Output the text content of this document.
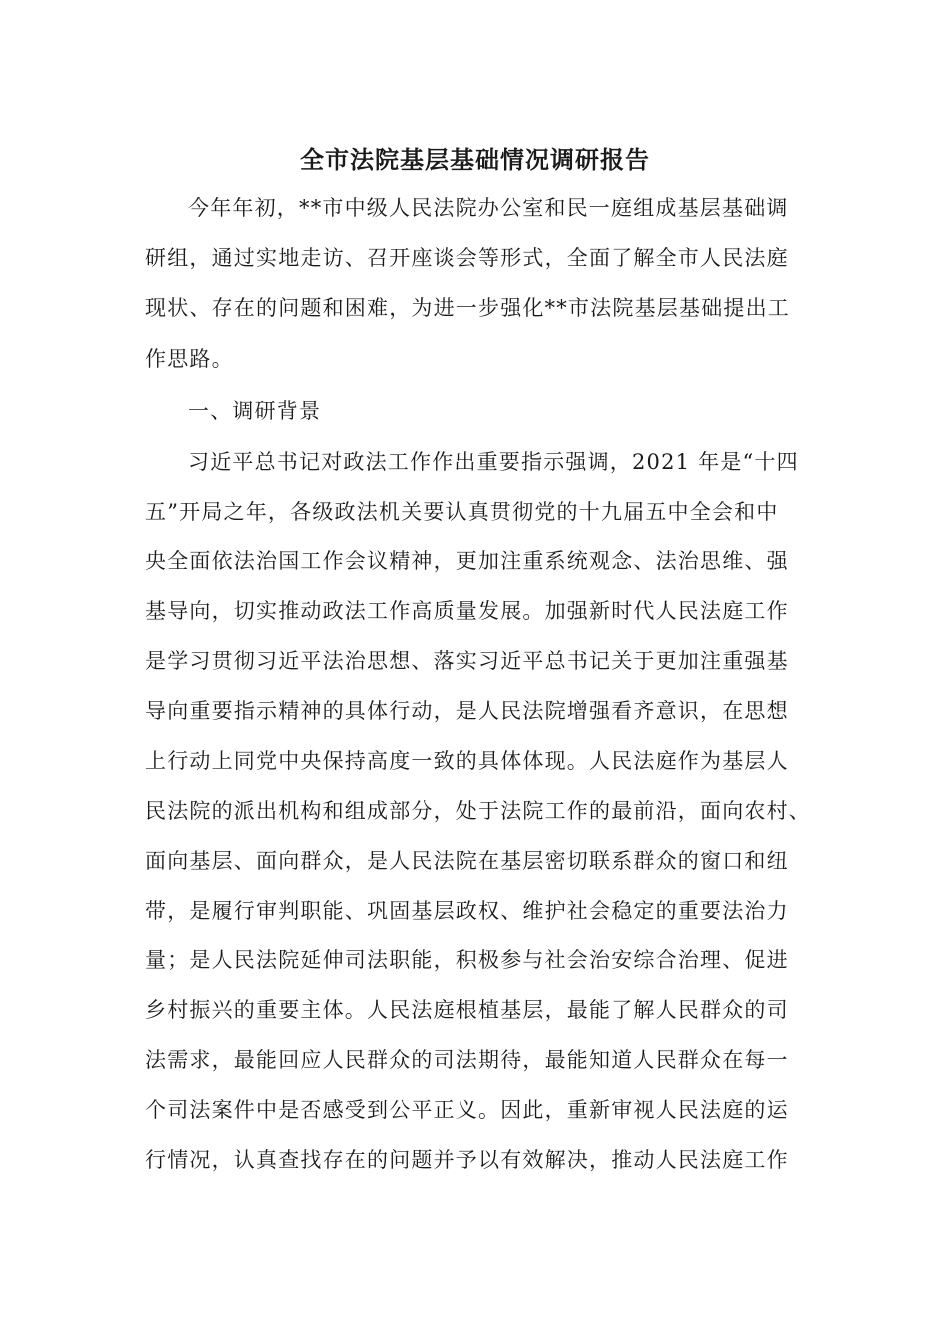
全市法院基层基础情况调研报告
今年年初，**市中级人民法院办公室和民一庭组成基层基础调
研组，通过实地走访、召开座谈会等形式，全面了解全市人民法庭
现状、存在的问题和困难，为进一步强化**市法院基层基础提出工
作思路。
一、调研背景
习近平总书记对政法工作作出重要指示强调，2021 年是“十四
五”开局之年，各级政法机关要认真贯彻党的十九届五中全会和中
央全面依法治国工作会议精神，更加注重系统观念、法治思维、强
基导向，切实推动政法工作高质量发展。加强新时代人民法庭工作
是学习贯彻习近平法治思想、落实习近平总书记关于更加注重强基
导向重要指示精神的具体行动，是人民法院增强看齐意识，在思想
上行动上同党中央保持高度一致的具体体现。人民法庭作为基层人
民法院的派出机构和组成部分，处于法院工作的最前沿，面向农村、
面向基层、面向群众，是人民法院在基层密切联系群众的窗口和纽
带，是履行审判职能、巩固基层政权、维护社会稳定的重要法治力
量；是人民法院延伸司法职能，积极参与社会治安综合治理、促进
乡村振兴的重要主体。人民法庭根植基层，最能了解人民群众的司
法需求，最能回应人民群众的司法期待，最能知道人民群众在每一
个司法案件中是否感受到公平正义。因此，重新审视人民法庭的运
行情况，认真查找存在的问题并予以有效解决，推动人民法庭工作
